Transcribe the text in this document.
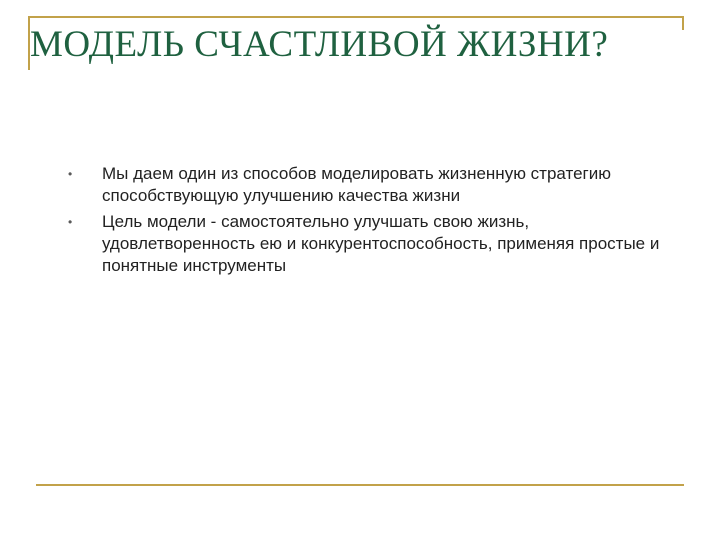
МОДЕЛЬ СЧАСТЛИВОЙ ЖИЗНИ?
• Мы даем один из способов моделировать жизненную стратегию способствующую улучшению качества жизни
• Цель модели - самостоятельно улучшать свою жизнь, удовлетворенность ею и конкурентоспособность, применяя простые и понятные инструменты
